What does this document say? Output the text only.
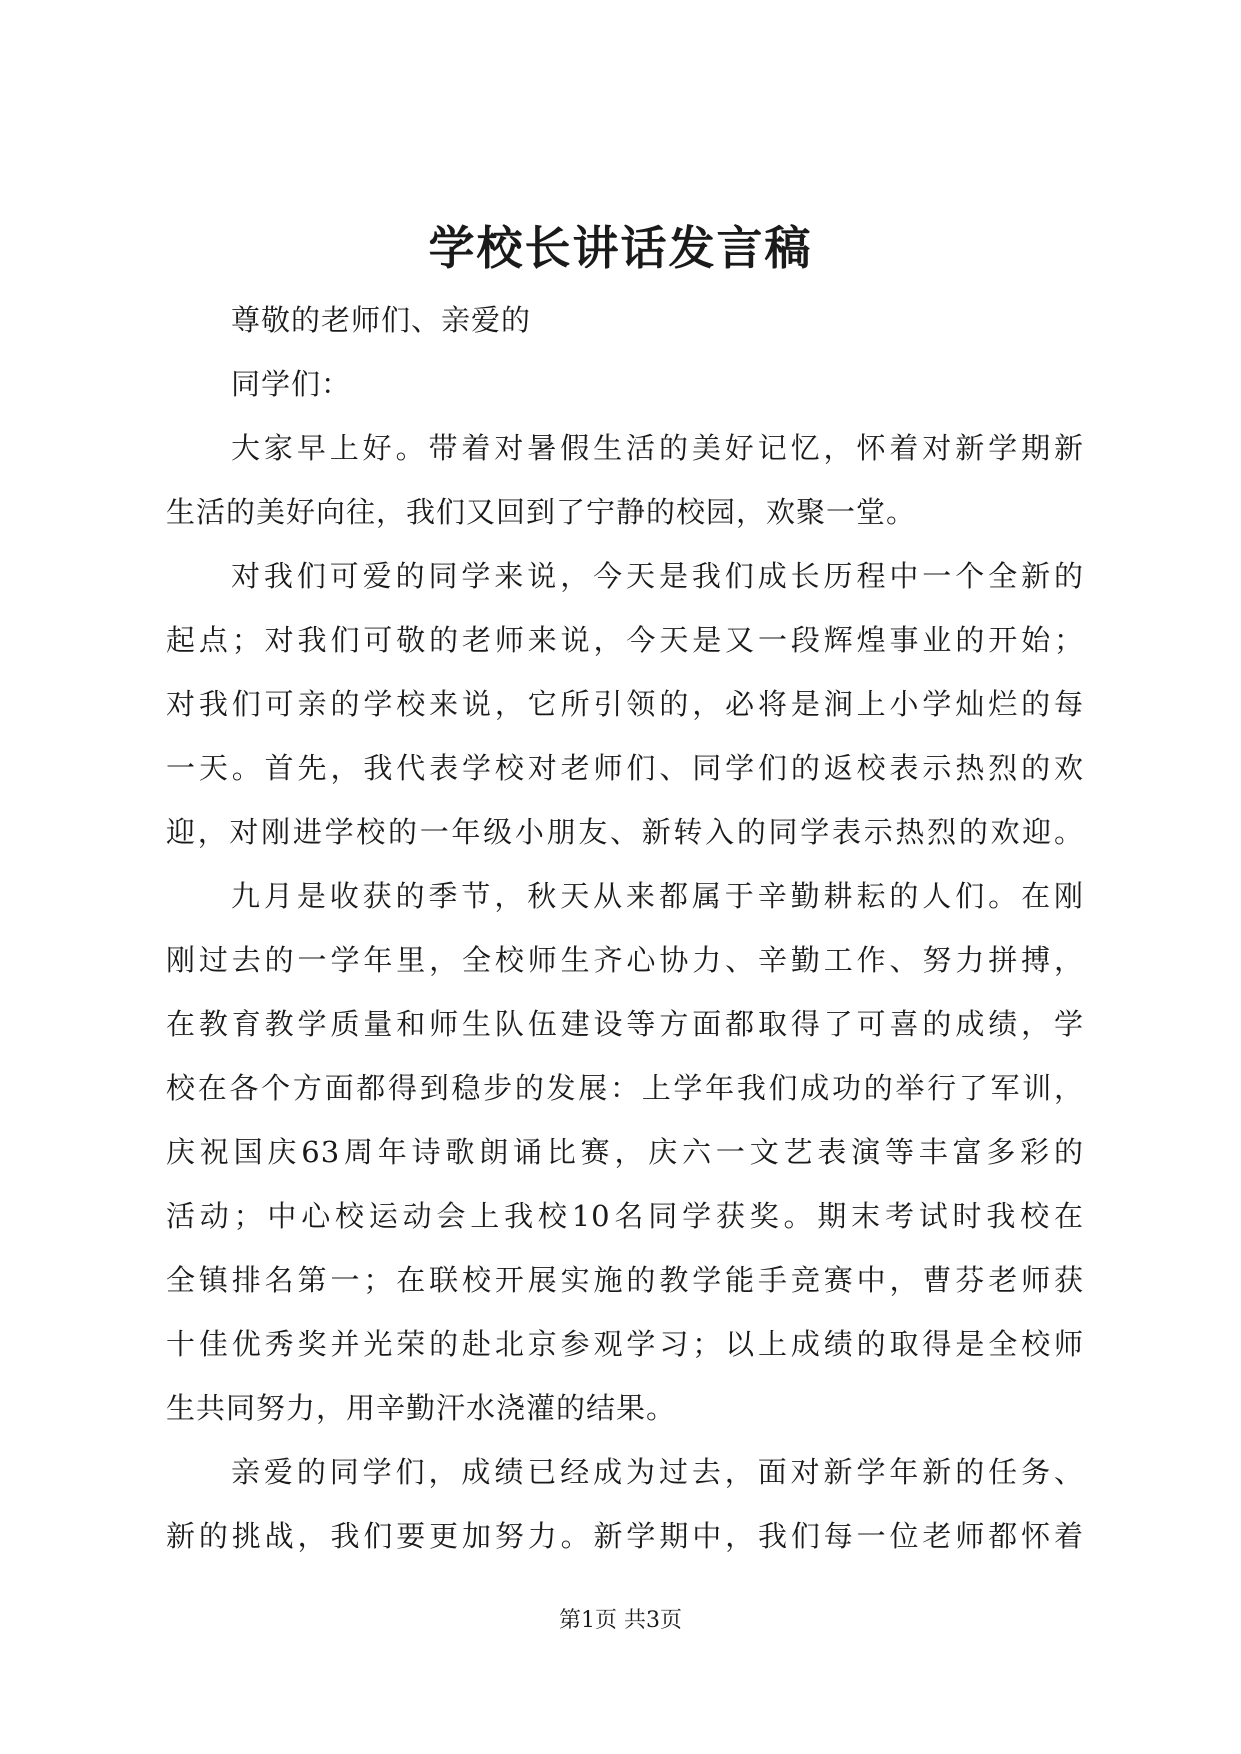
学校长讲话发言稿
尊敬的老师们、亲爱的
同学们：
大家早上好。带着对暑假生活的美好记忆，怀着对新学期新
生活的美好向往，我们又回到了宁静的校园，欢聚一堂。
对我们可爱的同学来说，今天是我们成长历程中一个全新的
起点；对我们可敬的老师来说，今天是又一段辉煌事业的开始；
对我们可亲的学校来说，它所引领的，必将是涧上小学灿烂的每
一天。首先，我代表学校对老师们、同学们的返校表示热烈的欢
迎，对刚进学校的一年级小朋友、新转入的同学表示热烈的欢迎。
九月是收获的季节，秋天从来都属于辛勤耕耘的人们。在刚
刚过去的一学年里，全校师生齐心协力、辛勤工作、努力拼搏，
在教育教学质量和师生队伍建设等方面都取得了可喜的成绩，学
校在各个方面都得到稳步的发展：上学年我们成功的举行了军训，
庆祝国庆63周年诗歌朗诵比赛，庆六一文艺表演等丰富多彩的
活动；中心校运动会上我校10名同学获奖。期末考试时我校在
全镇排名第一；在联校开展实施的教学能手竞赛中，曹芬老师获
十佳优秀奖并光荣的赴北京参观学习；以上成绩的取得是全校师
生共同努力，用辛勤汗水浇灌的结果。
亲爱的同学们，成绩已经成为过去，面对新学年新的任务、
新的挑战，我们要更加努力。新学期中，我们每一位老师都怀着
第1页 共3页
